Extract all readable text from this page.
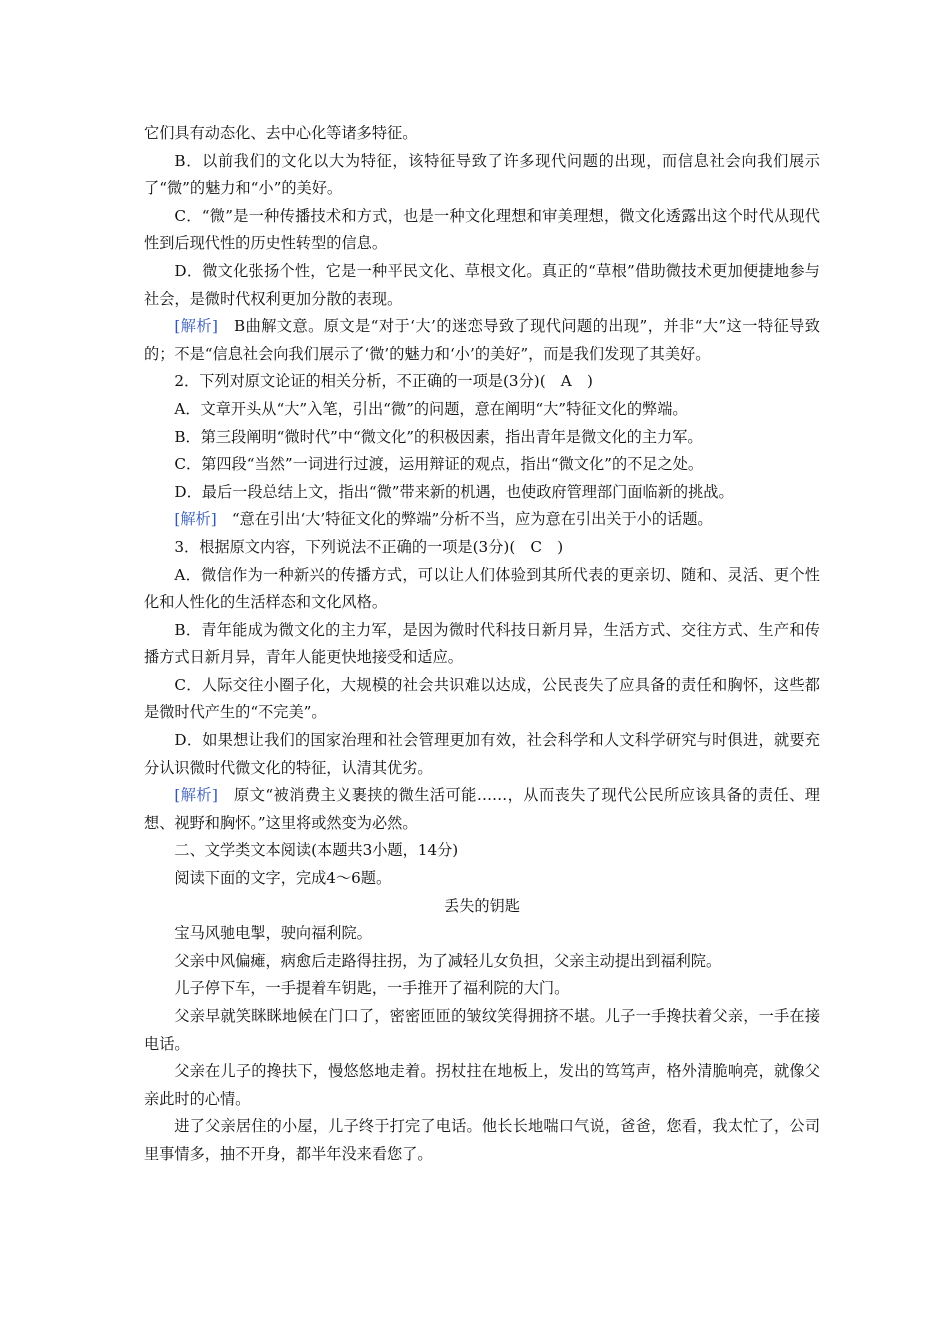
它们具有动态化、去中心化等诸多特征。

B．以前我们的文化以大为特征，该特征导致了许多现代问题的出现，而信息社会向我们展示了“微”的魅力和“小”的美好。

C．“微”是一种传播技术和方式，也是一种文化理想和审美理想，微文化透露出这个时代从现代性到后现代性的历史性转型的信息。

D．微文化张扬个性，它是一种平民文化、草根文化。真正的“草根”借助微技术更加便捷地参与社会，是微时代权利更加分散的表现。

[解析]　B曲解文意。原文是“对于‘大’的迷恋导致了现代问题的出现”，并非“大”这一特征导致的；不是“信息社会向我们展示了‘微’的魅力和‘小’的美好”，而是我们发现了其美好。

2．下列对原文论证的相关分析，不正确的一项是(3分)(　A　)

A．文章开头从“大”入笔，引出“微”的问题，意在阐明“大”特征文化的弊端。

B．第三段阐明“微时代”中“微文化”的积极因素，指出青年是微文化的主力军。

C．第四段“当然”一词进行过渡，运用辩证的观点，指出“微文化”的不足之处。

D．最后一段总结上文，指出“微”带来新的机遇，也使政府管理部门面临新的挑战。

[解析]　“意在引出‘大’特征文化的弊端”分析不当，应为意在引出关于小的话题。

3．根据原文内容，下列说法不正确的一项是(3分)(　C　)

A．微信作为一种新兴的传播方式，可以让人们体验到其所代表的更亲切、随和、灵活、更个性化和人性化的生活样态和文化风格。

B．青年能成为微文化的主力军，是因为微时代科技日新月异，生活方式、交往方式、生产和传播方式日新月异，青年人能更快地接受和适应。

C．人际交往小圈子化，大规模的社会共识难以达成，公民丧失了应具备的责任和胸怀，这些都是微时代产生的“不完美”。

D．如果想让我们的国家治理和社会管理更加有效，社会科学和人文科学研究与时俱进，就要充分认识微时代微文化的特征，认清其优劣。

[解析]　原文“被消费主义裹挟的微生活可能……，从而丧失了现代公民所应该具备的责任、理想、视野和胸怀。”这里将或然变为必然。

二、文学类文本阅读(本题共3小题，14分)

阅读下面的文字，完成4～6题。

丢失的钥匙

宝马风驰电掣，驶向福利院。

父亲中风偏瘫，病愈后走路得拄拐，为了减轻儿女负担，父亲主动提出到福利院。

儿子停下车，一手提着车钥匙，一手推开了福利院的大门。

父亲早就笑眯眯地候在门口了，密密匝匝的皱纹笑得拥挤不堪。儿子一手搀扶着父亲，一手在接电话。

父亲在儿子的搀扶下，慢悠悠地走着。拐杖拄在地板上，发出的笃笃声，格外清脆响亮，就像父亲此时的心情。

进了父亲居住的小屋，儿子终于打完了电话。他长长地喘口气说，爸爸，您看，我太忙了，公司里事情多，抽不开身，都半年没来看您了。
